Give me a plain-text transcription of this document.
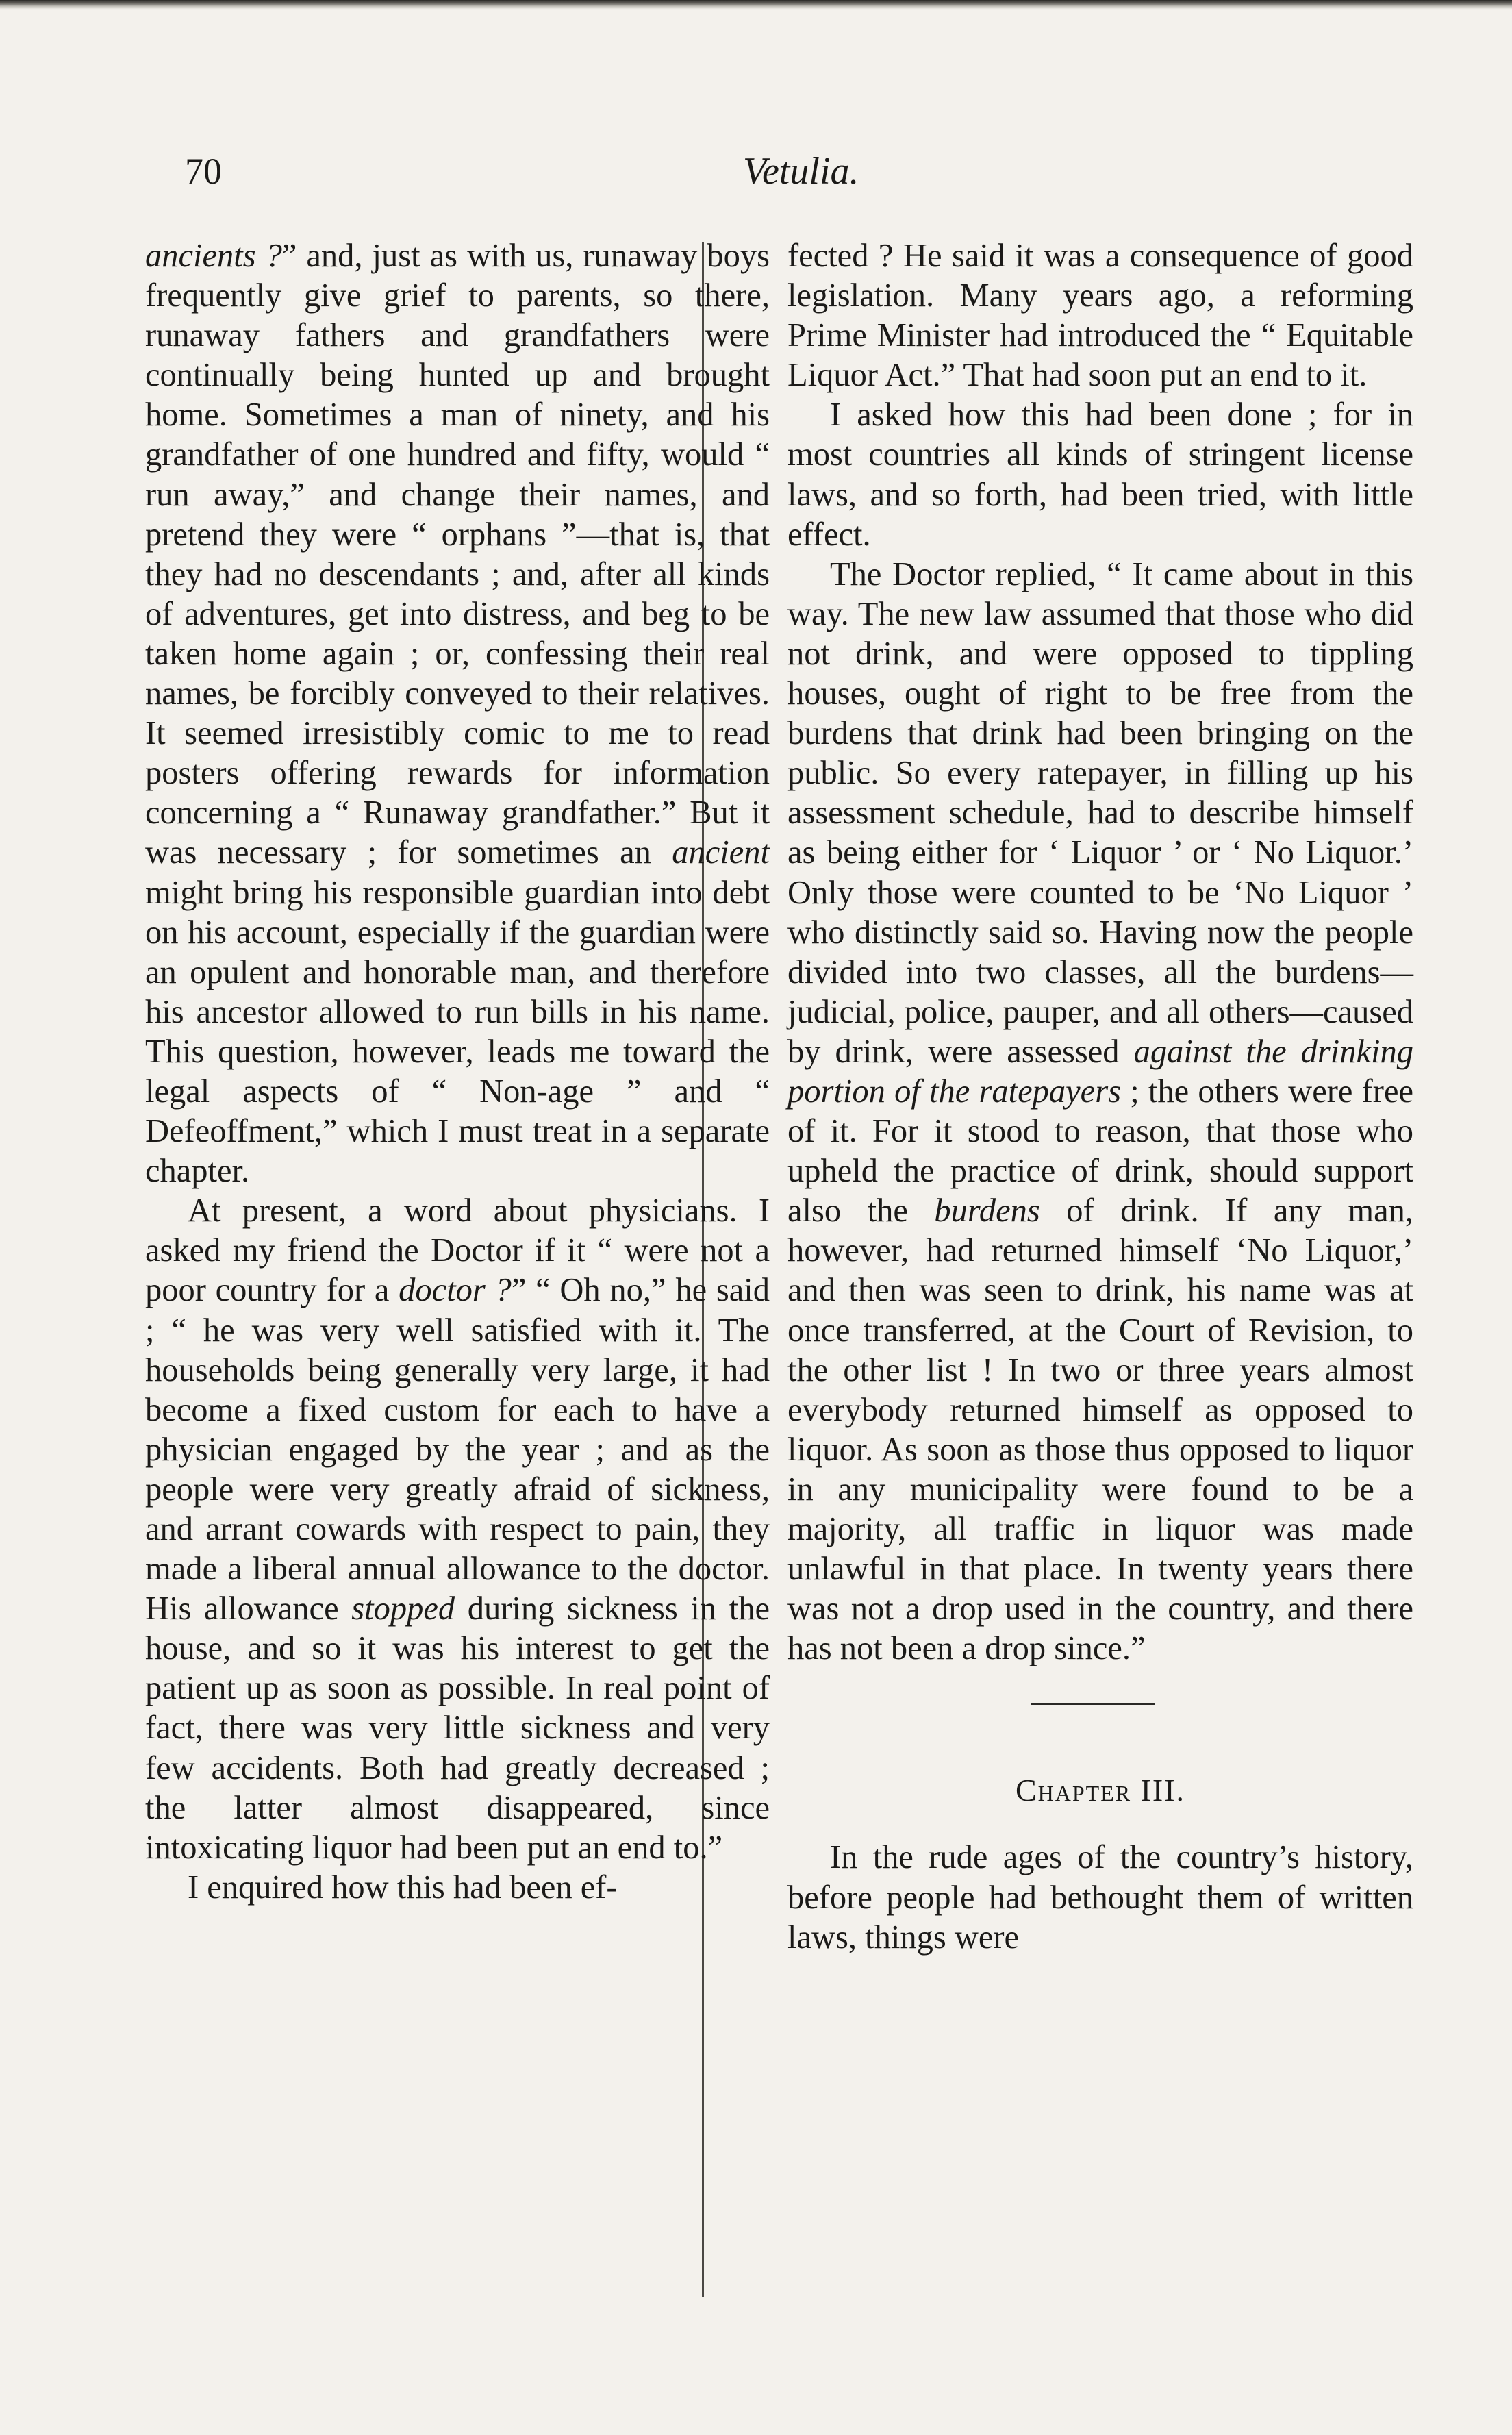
70	Vetulia.

ancients ?” and, just as with us, runaway boys frequently give grief to parents, so there, runaway fathers and grandfathers were continually being hunted up and brought home. Sometimes a man of ninety, and his grandfather of one hundred and fifty, would “ run away,” and change their names, and pretend they were “ orphans ”—that is, that they had no descendants ; and, after all kinds of adventures, get into distress, and beg to be taken home again ; or, confessing their real names, be forcibly conveyed to their relatives. It seemed irresistibly comic to me to read posters offering rewards for information concerning a “ Runaway grandfather.” But it was necessary ; for sometimes an ancient might bring his responsible guardian into debt on his account, especially if the guardian were an opulent and honorable man, and therefore his ancestor allowed to run bills in his name. This question, however, leads me toward the legal aspects of “ Non-age ” and “ Defeoffment,” which I must treat in a separate chapter.

At present, a word about physicians. I asked my friend the Doctor if it “ were not a poor country for a doctor ?” “ Oh no,” he said ; “ he was very well satisfied with it. The households being generally very large, it had become a fixed custom for each to have a physician engaged by the year ; and as the people were very greatly afraid of sickness, and arrant cowards with respect to pain, they made a liberal annual allowance to the doctor. His allowance stopped during sickness in the house, and so it was his interest to get the patient up as soon as possible. In real point of fact, there was very little sickness and very few accidents. Both had greatly decreased ; the latter almost disappeared, since intoxicating liquor had been put an end to.”

I enquired how this had been ef-

fected ? He said it was a consequence of good legislation. Many years ago, a reforming Prime Minister had introduced the “ Equitable Liquor Act.” That had soon put an end to it.

I asked how this had been done ; for in most countries all kinds of stringent license laws, and so forth, had been tried, with little effect.

The Doctor replied, “ It came about in this way. The new law assumed that those who did not drink, and were opposed to tippling houses, ought of right to be free from the burdens that drink had been bringing on the public. So every ratepayer, in filling up his assessment schedule, had to describe himself as being either for ‘ Liquor ’ or ‘ No Liquor.’ Only those were counted to be ‘No Liquor ’ who distinctly said so. Having now the people divided into two classes, all the burdens—judicial, police, pauper, and all others—caused by drink, were assessed against the drinking portion of the ratepayers ; the others were free of it. For it stood to reason, that those who upheld the practice of drink, should support also the burdens of drink. If any man, however, had returned himself ‘No Liquor,’ and then was seen to drink, his name was at once transferred, at the Court of Revision, to the other list ! In two or three years almost everybody returned himself as opposed to liquor. As soon as those thus opposed to liquor in any municipality were found to be a majority, all traffic in liquor was made unlawful in that place. In twenty years there was not a drop used in the country, and there has not been a drop since.”

Chapter III.

In the rude ages of the country’s history, before people had bethought them of written laws, things were
